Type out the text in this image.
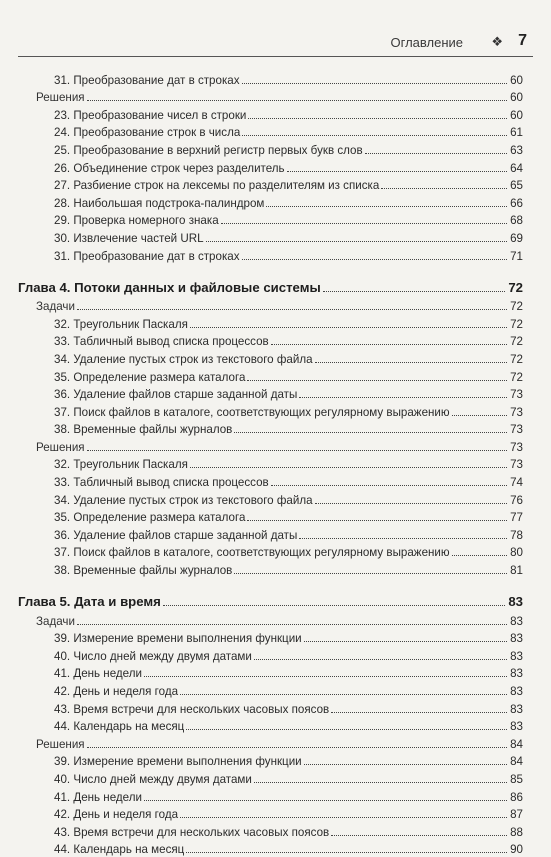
Оглавление ❖ 7
31. Преобразование дат в строках	60
Решения	60
23. Преобразование чисел в строки	60
24. Преобразование строк в числа	61
25. Преобразование в верхний регистр первых букв слов	63
26. Объединение строк через разделитель	64
27. Разбиение строк на лексемы по разделителям из списка	65
28. Наибольшая подстрока-палиндром	66
29. Проверка номерного знака	68
30. Извлечение частей URL	69
31. Преобразование дат в строках	71
Глава 4. Потоки данных и файловые системы	72
Задачи	72
32. Треугольник Паскаля	72
33. Табличный вывод списка процессов	72
34. Удаление пустых строк из текстового файла	72
35. Определение размера каталога	72
36. Удаление файлов старше заданной даты	73
37. Поиск файлов в каталоге, соответствующих регулярному выражению	73
38. Временные файлы журналов	73
Решения	73
32. Треугольник Паскаля	73
33. Табличный вывод списка процессов	74
34. Удаление пустых строк из текстового файла	76
35. Определение размера каталога	77
36. Удаление файлов старше заданной даты	78
37. Поиск файлов в каталоге, соответствующих регулярному выражению	80
38. Временные файлы журналов	81
Глава 5. Дата и время	83
Задачи	83
39. Измерение времени выполнения функции	83
40. Число дней между двумя датами	83
41. День недели	83
42. День и неделя года	83
43. Время встречи для нескольких часовых поясов	83
44. Календарь на месяц	83
Решения	84
39. Измерение времени выполнения функции	84
40. Число дней между двумя датами	85
41. День недели	86
42. День и неделя года	87
43. Время встречи для нескольких часовых поясов	88
44. Календарь на месяц	90
